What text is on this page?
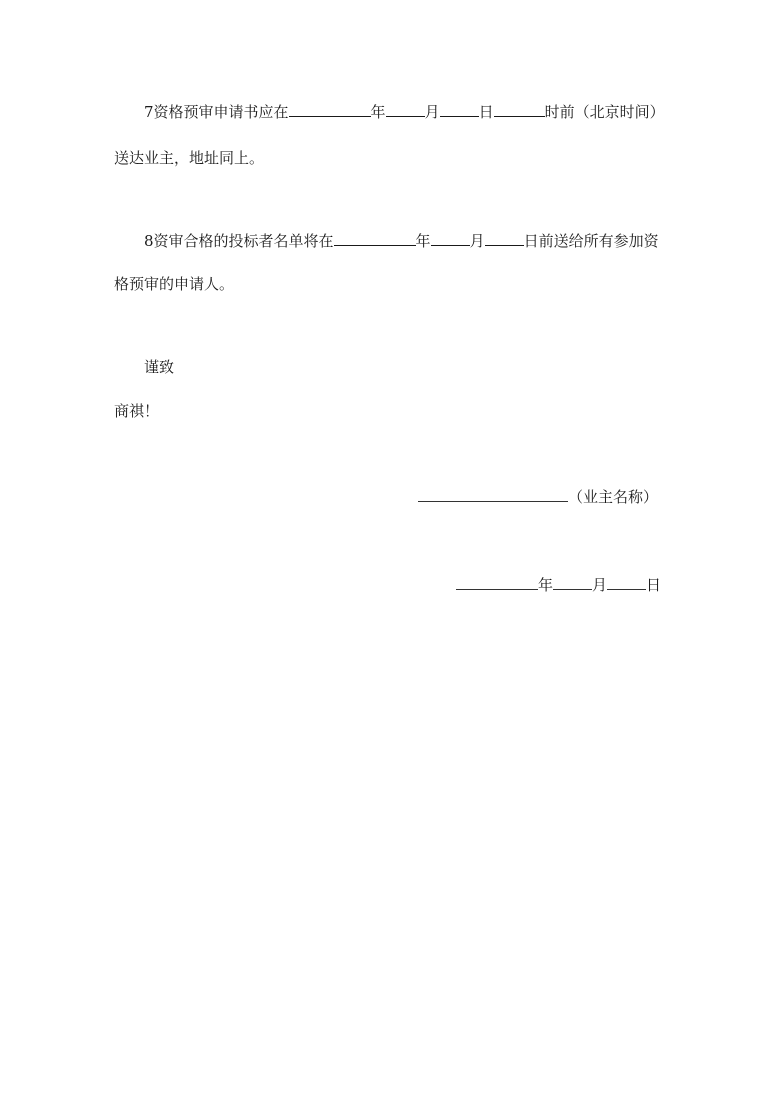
7资格预审申请书应在	年	月	日	时前（北京时间）
送达业主，地址同上。
8资审合格的投标者名单将在	年	月	日前送给所有参加资
格预审的申请人。
谨致
商祺！
（业主名称）
年	月	日
